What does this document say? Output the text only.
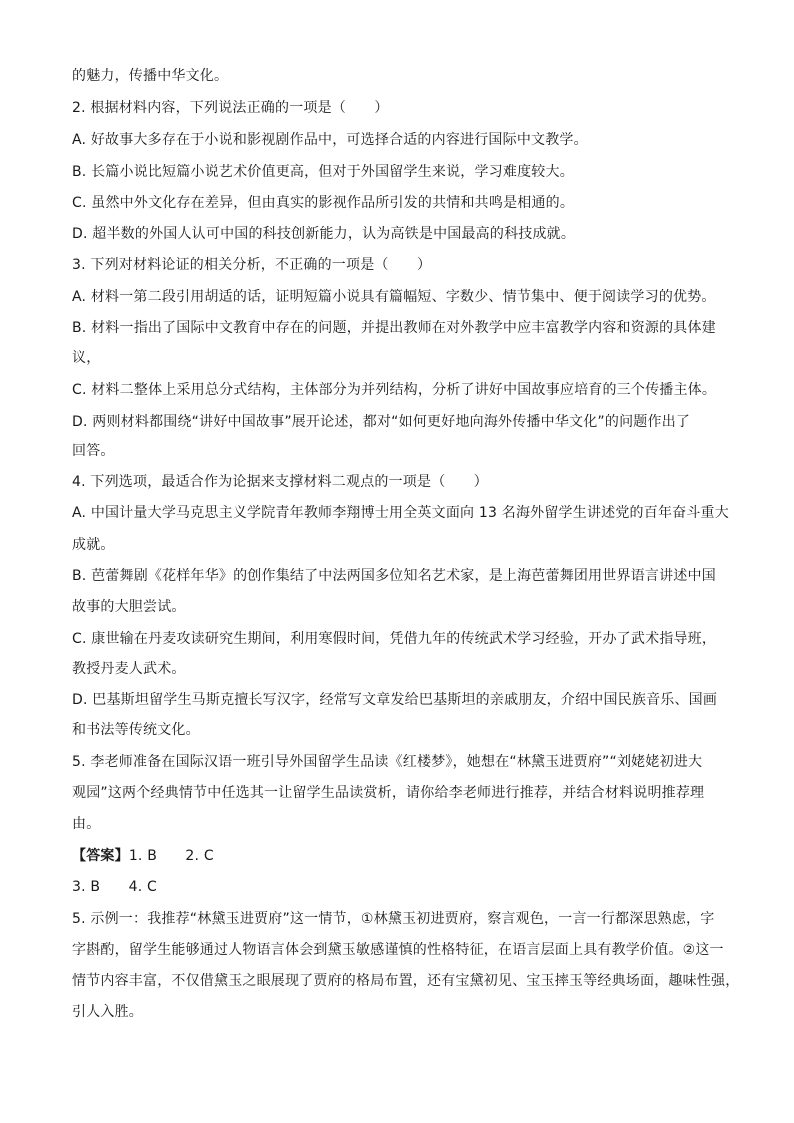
的魅力，传播中华文化。
2. 根据材料内容，下列说法正确的一项是（　　）
A. 好故事大多存在于小说和影视剧作品中，可选择合适的内容进行国际中文教学。
B. 长篇小说比短篇小说艺术价值更高，但对于外国留学生来说，学习难度较大。
C. 虽然中外文化存在差异，但由真实的影视作品所引发的共情和共鸣是相通的。
D. 超半数的外国人认可中国的科技创新能力，认为高铁是中国最高的科技成就。
3. 下列对材料论证的相关分析，不正确的一项是（　　）
A. 材料一第二段引用胡适的话，证明短篇小说具有篇幅短、字数少、情节集中、便于阅读学习的优势。
B. 材料一指出了国际中文教育中存在的问题，并提出教师在对外教学中应丰富教学内容和资源的具体建
议，
C. 材料二整体上采用总分式结构，主体部分为并列结构，分析了讲好中国故事应培育的三个传播主体。
D. 两则材料都围绕“讲好中国故事”展开论述，都对“如何更好地向海外传播中华文化”的问题作出了
回答。
4. 下列选项，最适合作为论据来支撑材料二观点的一项是（　　）
A. 中国计量大学马克思主义学院青年教师李翔博士用全英文面向 13 名海外留学生讲述党的百年奋斗重大
成就。
B. 芭蕾舞剧《花样年华》的创作集结了中法两国多位知名艺术家，是上海芭蕾舞团用世界语言讲述中国
故事的大胆尝试。
C. 康世输在丹麦攻读研究生期间，利用寒假时间，凭借九年的传统武术学习经验，开办了武术指导班，
教授丹麦人武术。
D. 巴基斯坦留学生马斯克擅长写汉字，经常写文章发给巴基斯坦的亲戚朋友，介绍中国民族音乐、国画
和书法等传统文化。
5. 李老师准备在国际汉语一班引导外国留学生品读《红楼梦》，她想在“林黛玉进贾府”“刘姥姥初进大
观园”这两个经典情节中任选其一让留学生品读赏析，请你给李老师进行推荐，并结合材料说明推荐理
由。
【答案】1. B　　2. C
3. B　　4. C
5. 示例一：我推荐“林黛玉进贾府”这一情节，①林黛玉初进贾府，察言观色，一言一行都深思熟虑，字
字斟酌，留学生能够通过人物语言体会到黛玉敏感谨慎的性格特征，在语言层面上具有教学价值。②这一
情节内容丰富，不仅借黛玉之眼展现了贾府的格局布置，还有宝黛初见、宝玉摔玉等经典场面，趣味性强，
引人入胜。
